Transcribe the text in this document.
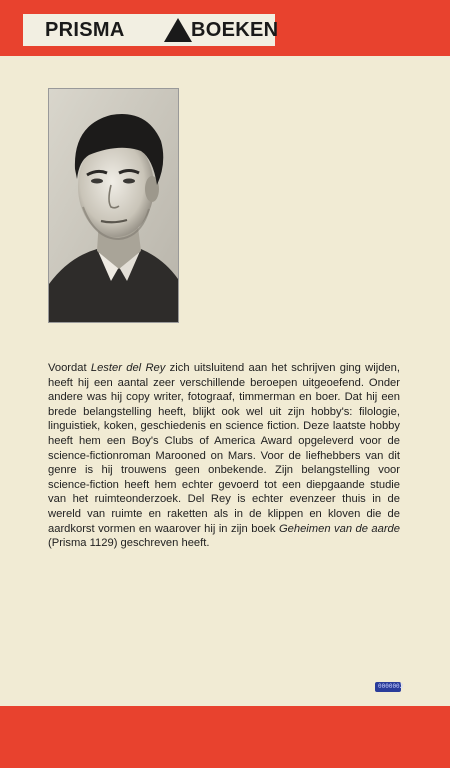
PRISMA	BOEKEN

Voordat Lester del Rey zich uitsluitend aan het schrijven ging wijden, heeft hij een aantal zeer verschillende beroepen uitgeoefend. Onder andere was hij copy writer, fotograaf, timmerman en boer. Dat hij een brede belangstelling heeft, blijkt ook wel uit zijn hobby's: filologie, linguistiek, koken, geschiedenis en science fiction. Deze laatste hobby heeft hem een Boy's Clubs of America Award opgeleverd voor de science-fictionroman Marooned on Mars. Voor de liefhebbers van dit genre is hij trouwens geen onbekende. Zijn belangstelling voor science-fiction heeft hem echter gevoerd tot een diepgaande studie van het ruimteonderzoek. Del Rey is echter evenzeer thuis in de wereld van ruimte en raketten als in de klippen en kloven die de aardkorst vormen en waarover hij in zijn boek Geheimen van de aarde (Prisma 1129) geschreven heeft.

0000002
